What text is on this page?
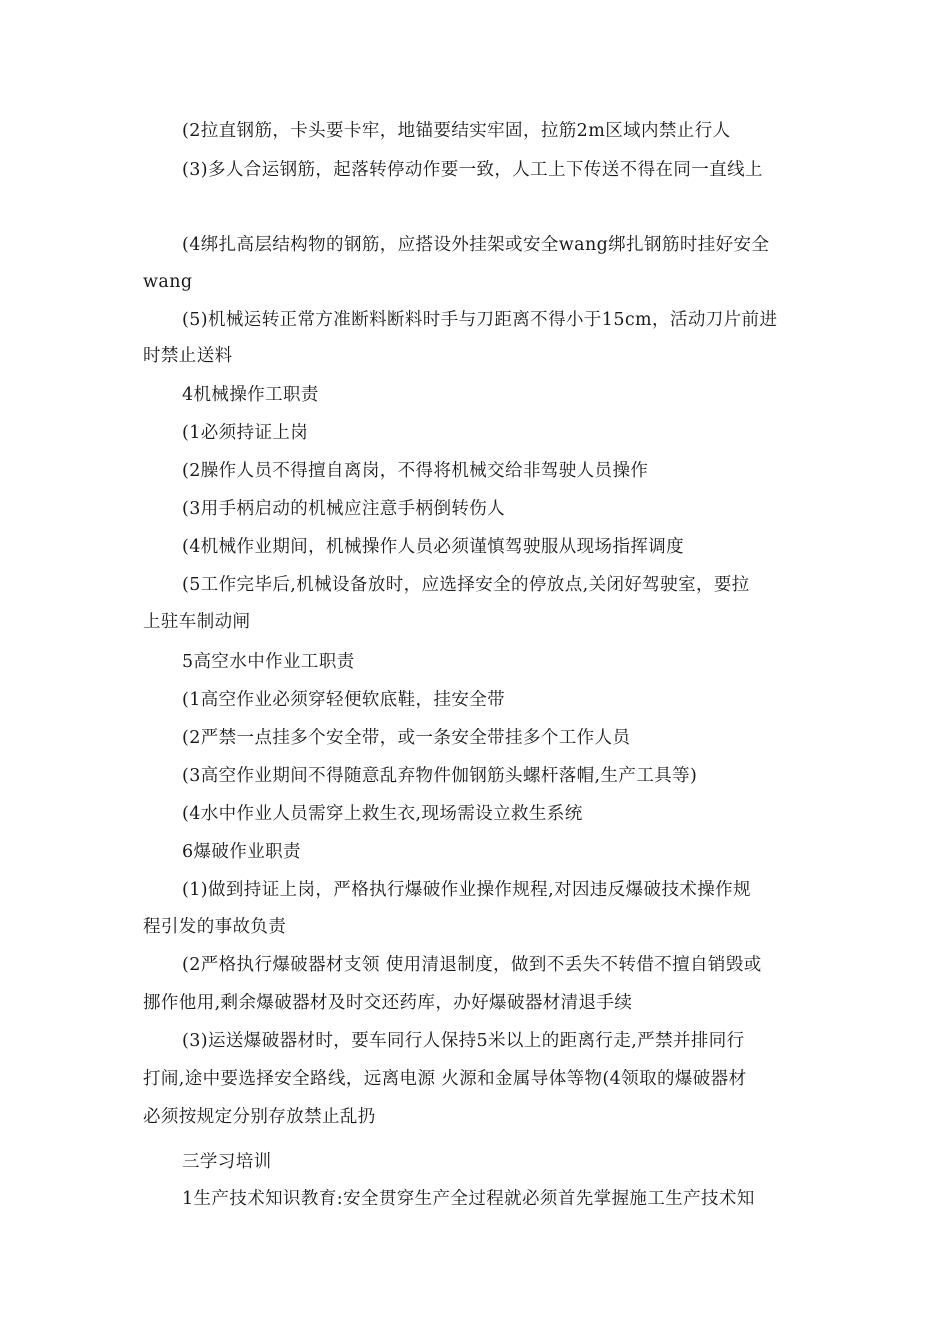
(2拉直钢筋，卡头要卡牢，地锚要结实牢固，拉筋2m区域内禁止行人
(3)多人合运钢筋，起落转停动作要一致，人工上下传送不得在同一直线上
(4绑扎高层结构物的钢筋，应搭设外挂架或安全wang绑扎钢筋时挂好安全
wang
(5)机械运转正常方准断料断料时手与刀距离不得小于15cm，活动刀片前进
时禁止送料
4机械操作工职责
(1必须持证上岗
(2臊作人员不得擅自离岗，不得将机械交给非驾驶人员操作
(3用手柄启动的机械应注意手柄倒转伤人
(4机械作业期间，机械操作人员必须谨慎驾驶服从现场指挥调度
(5工作完毕后,机械设备放时，应选择安全的停放点,关闭好驾驶室，要拉
上驻车制动闸
5高空水中作业工职责
(1高空作业必须穿轻便软底鞋，挂安全带
(2严禁一点挂多个安全带，或一条安全带挂多个工作人员
(3高空作业期间不得随意乱弃物件伽钢筋头螺杆落帽,生产工具等)
(4水中作业人员需穿上救生衣,现场需设立救生系统
6爆破作业职责
(1)做到持证上岗，严格执行爆破作业操作规程,对因违反爆破技术操作规
程引发的事故负责
(2严格执行爆破器材支领 使用清退制度，做到不丢失不转借不擅自销毁或
挪作他用,剩余爆破器材及时交还药库，办好爆破器材清退手续
(3)运送爆破器材时，要车同行人保持5米以上的距离行走,严禁并排同行
打闹,途中要选择安全路线，远离电源 火源和金属导体等物(4领取的爆破器材
必须按规定分别存放禁止乱扔
三学习培训
1生产技术知识教育:安全贯穿生产全过程就必须首先掌握施工生产技术知
